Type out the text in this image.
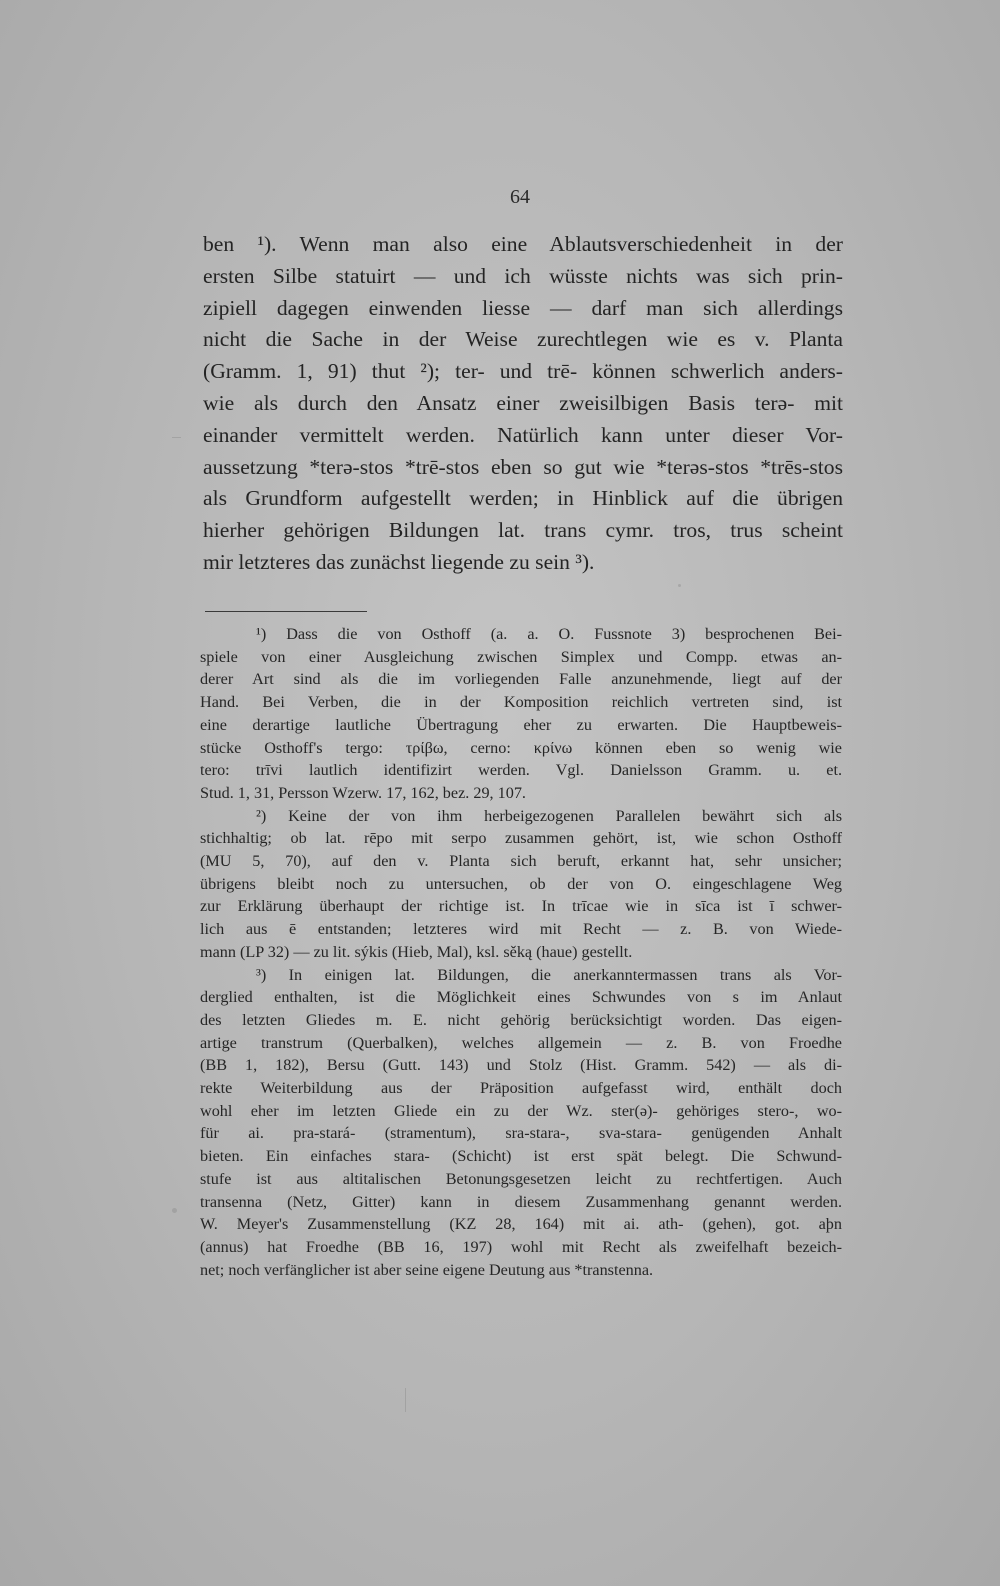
64
ben ¹). Wenn man also eine Ablautsverschiedenheit in der
ersten Silbe statuirt — und ich wüsste nichts was sich prin-
zipiell dagegen einwenden liesse — darf man sich allerdings
nicht die Sache in der Weise zurechtlegen wie es v. Planta
(Gramm. 1, 91) thut ²); ter- und trē- können schwerlich anders-
wie als durch den Ansatz einer zweisilbigen Basis terə- mit
einander vermittelt werden. Natürlich kann unter dieser Vor-
aussetzung *terə-stos *trē-stos eben so gut wie *terəs-stos *trēs-stos
als Grundform aufgestellt werden; in Hinblick auf die übrigen
hierher gehörigen Bildungen lat. trans cymr. tros, trus scheint
mir letzteres das zunächst liegende zu sein ³).
¹) Dass die von Osthoff (a. a. O. Fussnote 3) besprochenen Bei-
spiele von einer Ausgleichung zwischen Simplex und Compp. etwas an-
derer Art sind als die im vorliegenden Falle anzunehmende, liegt auf der
Hand. Bei Verben, die in der Komposition reichlich vertreten sind, ist
eine derartige lautliche Übertragung eher zu erwarten. Die Hauptbeweis-
stücke Osthoff's tergo: τρίβω, cerno: κρίνω können eben so wenig wie
tero: trīvi lautlich identifizirt werden. Vgl. Danielsson Gramm. u. et.
Stud. 1, 31, Persson Wzerw. 17, 162, bez. 29, 107.
²) Keine der von ihm herbeigezogenen Parallelen bewährt sich als
stichhaltig; ob lat. rēpo mit serpo zusammen gehört, ist, wie schon Osthoff
(MU 5, 70), auf den v. Planta sich beruft, erkannt hat, sehr unsicher;
übrigens bleibt noch zu untersuchen, ob der von O. eingeschlagene Weg
zur Erklärung überhaupt der richtige ist. In trīcae wie in sīca ist ī schwer-
lich aus ē entstanden; letzteres wird mit Recht — z. B. von Wiede-
mann (LP 32) — zu lit. sýkis (Hieb, Mal), ksl. sěką (haue) gestellt.
³) In einigen lat. Bildungen, die anerkanntermassen trans als Vor-
derglied enthalten, ist die Möglichkeit eines Schwundes von s im Anlaut
des letzten Gliedes m. E. nicht gehörig berücksichtigt worden. Das eigen-
artige transtrum (Querbalken), welches allgemein — z. B. von Froedhe
(BB 1, 182), Bersu (Gutt. 143) und Stolz (Hist. Gramm. 542) — als di-
rekte Weiterbildung aus der Präposition aufgefasst wird, enthält doch
wohl eher im letzten Gliede ein zu der Wz. ster(ə)- gehöriges stero-, wo-
für ai. pra-stará- (stramentum), sra-stara-, sva-stara- genügenden Anhalt
bieten. Ein einfaches stara- (Schicht) ist erst spät belegt. Die Schwund-
stufe ist aus altitalischen Betonungsgesetzen leicht zu rechtfertigen. Auch
transenna (Netz, Gitter) kann in diesem Zusammenhang genannt werden.
W. Meyer's Zusammenstellung (KZ 28, 164) mit ai. ath- (gehen), got. aþn
(annus) hat Froedhe (BB 16, 197) wohl mit Recht als zweifelhaft bezeich-
net; noch verfänglicher ist aber seine eigene Deutung aus *transtenna.
